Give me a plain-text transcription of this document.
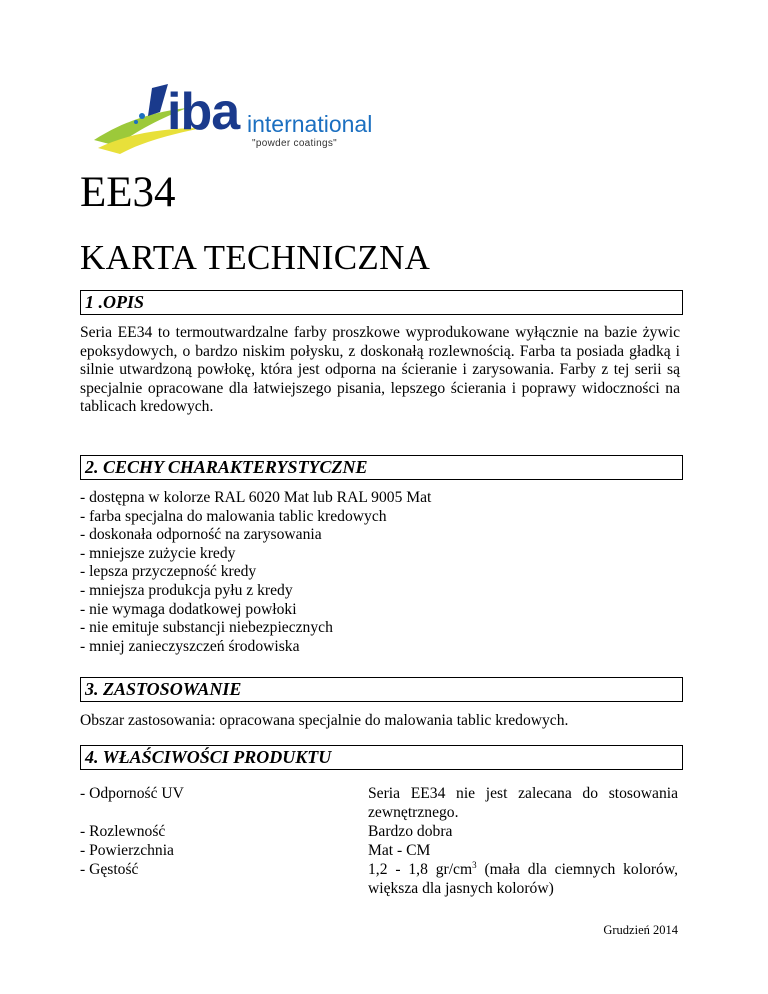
iba international
"powder coatings"
EE34
KARTA TECHNICZNA
1 .OPIS

Seria EE34 to termoutwardzalne farby proszkowe wyprodukowane wyłącznie na bazie żywic epoksydowych, o bardzo niskim połysku, z doskonałą rozlewnością. Farba ta posiada gładką i silnie utwardzoną powłokę, która jest odporna na ścieranie i zarysowania. Farby z tej serii są specjalnie opracowane dla łatwiejszego pisania, lepszego ścierania i poprawy widoczności na tablicach kredowych.

2. CECHY CHARAKTERYSTYCZNE
- dostępna w kolorze RAL 6020 Mat lub RAL 9005 Mat
- farba specjalna do malowania tablic kredowych
- doskonała odporność na zarysowania
- mniejsze zużycie kredy
- lepsza przyczepność kredy
- mniejsza produkcja pyłu z kredy
- nie wymaga dodatkowej powłoki
- nie emituje substancji niebezpiecznych
- mniej zanieczyszczeń środowiska
3. ZASTOSOWANIE

Obszar zastosowania: opracowana specjalnie do malowania tablic kredowych.

4. WŁAŚCIWOŚCI PRODUKTU
- Odporność UV	Seria EE34 nie jest zalecana do stosowania zewnętrznego.
- Rozlewność	Bardzo dobra
- Powierzchnia	Mat - CM
- Gęstość	1,2 - 1,8 $gr/cm^3$ (mała dla ciemnych kolorów, większa dla jasnych kolorów)
Grudzień 2014
